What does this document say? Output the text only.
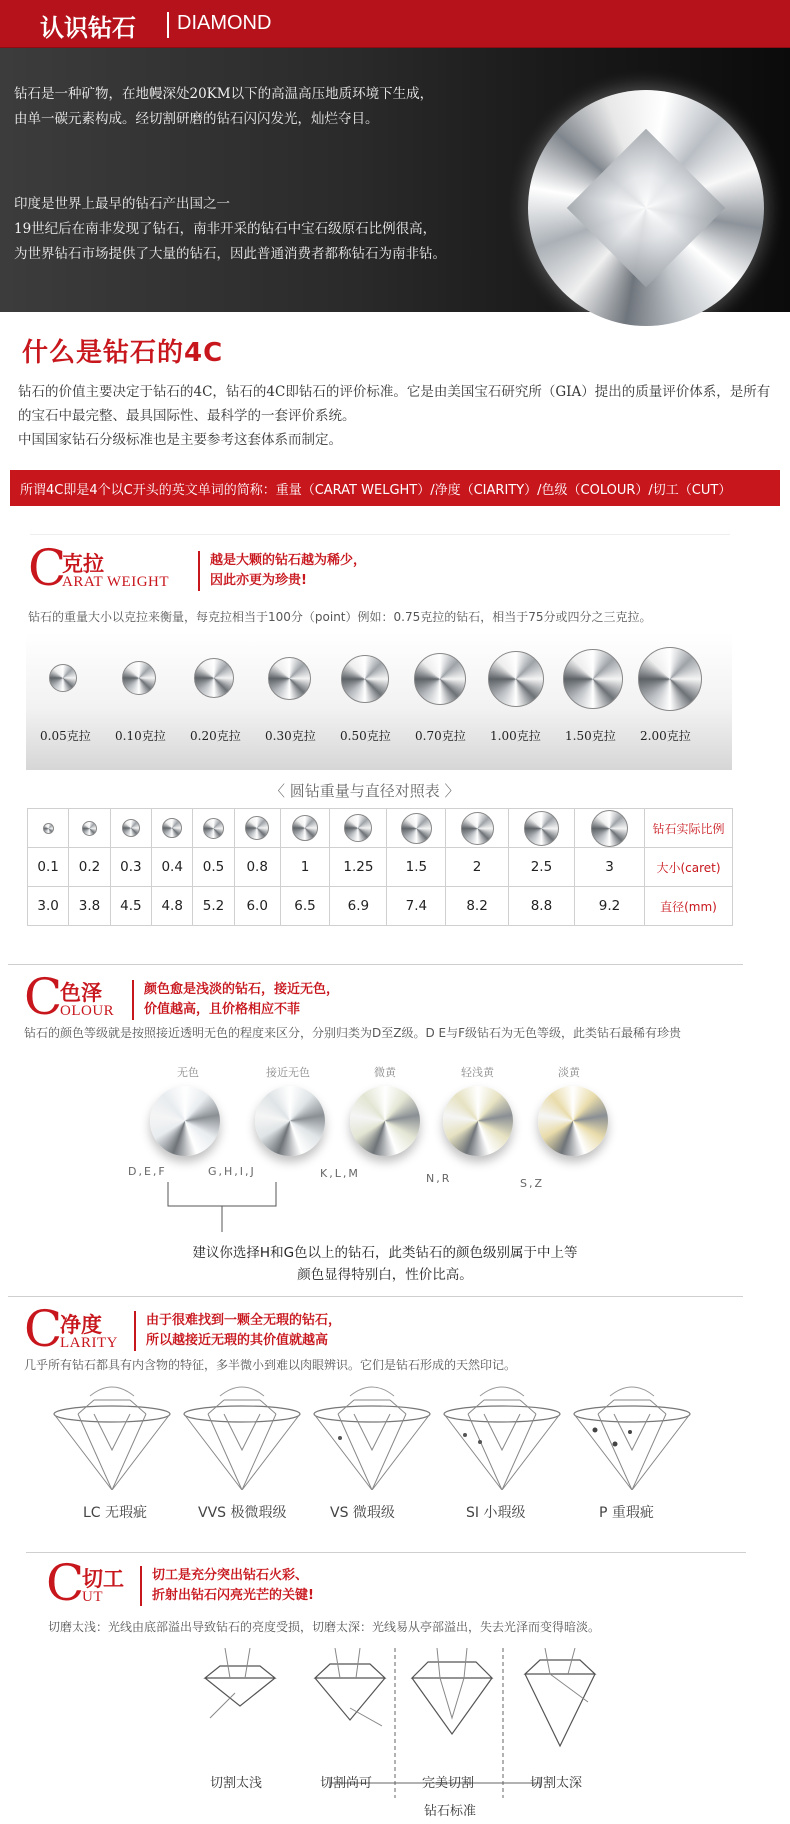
认识钻石 DIAMOND

钻石是一种矿物，在地幔深处20KM以下的高温高压地质环境下生成，
由单一碳元素构成。经切割研磨的钻石闪闪发光，灿烂夺目。

印度是世界上最早的钻石产出国之一
19世纪后在南非发现了钻石，南非开采的钻石中宝石级原石比例很高，
为世界钻石市场提供了大量的钻石，因此普通消费者都称钻石为南非钻。

什么是钻石的4C
钻石的价值主要决定于钻石的4C，钻石的4C即钻石的评价标准。它是由美国宝石研究所（GIA）提出的质量评价体系，是所有的宝石中最完整、最具国际性、最科学的一套评价系统。
中国国家钻石分级标准也是主要参考这套体系而制定。
所谓4C即是4个以C开头的英文单词的简称：重量（CARAT WELGHT）/净度（CIARITY）/色级（COLOUR）/切工（CUT）
C
克拉
ARAT WEIGHT
越是大颗的钻石越为稀少，
因此亦更为珍贵!
钻石的重量大小以克拉来衡量，每克拉相当于100分（point）例如：0.75克拉的钻石，相当于75分或四分之三克拉。
0.05克拉 0.10克拉 0.20克拉 0.30克拉 0.50克拉 0.70克拉 1.00克拉 1.50克拉 2.00克拉
〈 圆钻重量与直径对照表 〉
												钻石实际比例
0.1	0.2	0.3	0.4	0.5	0.8	1	1.25	1.5	2	2.5	3	大小(caret)
3.0	3.8	4.5	4.8	5.2	6.0	6.5	6.9	7.4	8.2	8.8	9.2	直径(mm)
C
色泽
OLOUR
颜色愈是浅淡的钻石，接近无色，
价值越高，且价格相应不菲
钻石的颜色等级就是按照接近透明无色的程度来区分，分别归类为D至Z级。D E与F级钻石为无色等级，此类钻石最稀有珍贵
无色	接近无色	微黄	轻浅黄	淡黄
D,E,F	G,H,I,J	K,L,M	N,R	S,Z
建议你选择H和G色以上的钻石，此类钻石的颜色级别属于中上等
颜色显得特别白，性价比高。
C
净度
LARITY
由于很难找到一颗全无瑕的钻石，
所以越接近无瑕的其价值就越高
几乎所有钻石都具有内含物的特征，多半微小到难以肉眼辨识。它们是钻石形成的天然印记。
LC 无瑕疵	VVS 极微瑕级	VS 微瑕级	SI 小瑕级	P 重瑕疵
C
切工
UT
切工是充分突出钻石火彩、
折射出钻石闪亮光芒的关键!
切磨太浅：光线由底部溢出导致钻石的亮度受损，切磨太深：光线易从亭部溢出，失去光泽而变得暗淡。
切割太浅	切割尚可	完美切割	切割太深
钻石标准
